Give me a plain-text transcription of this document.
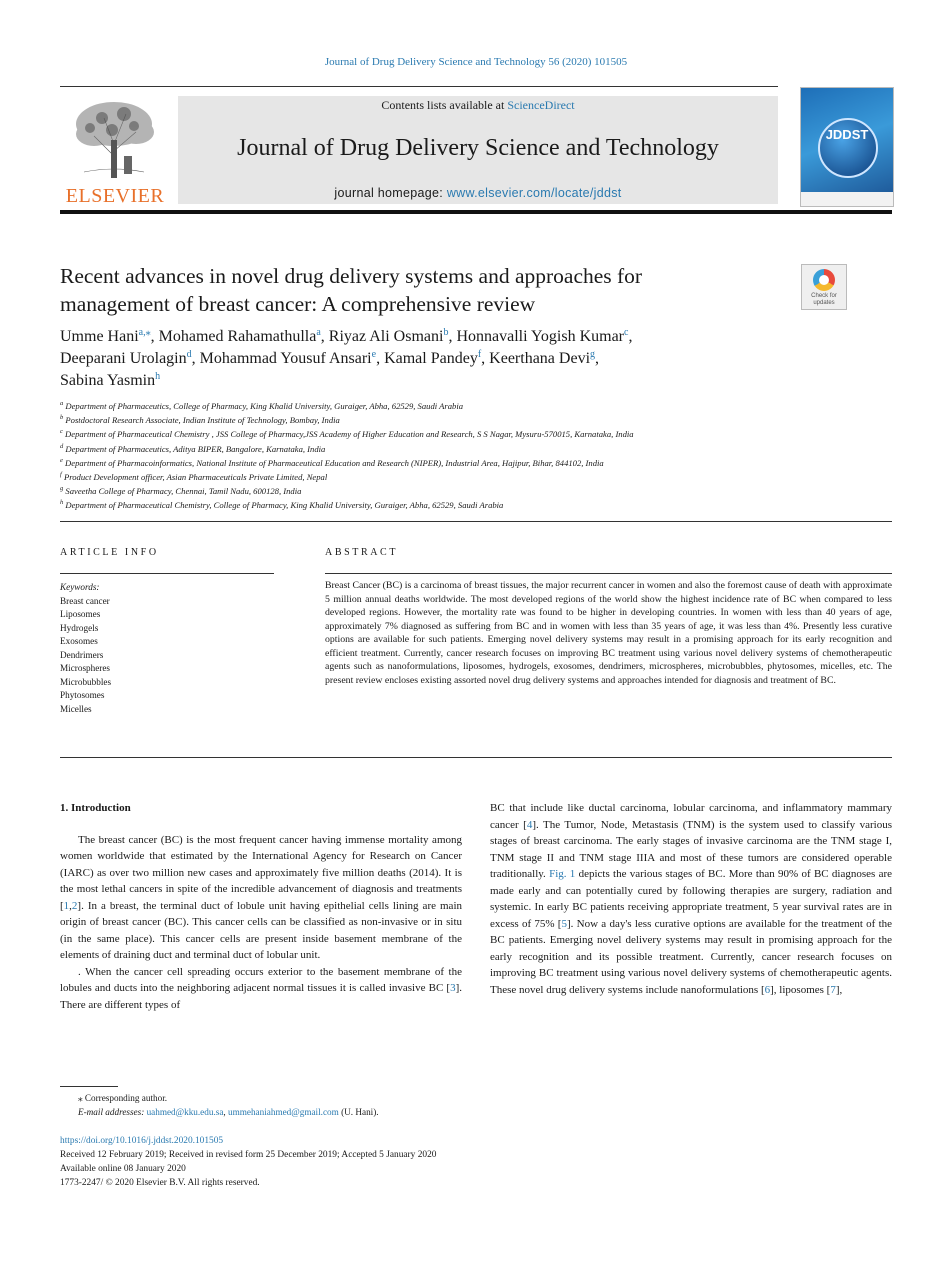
Journal of Drug Delivery Science and Technology 56 (2020) 101505
ELSEVIER
Contents lists available at ScienceDirect
Journal of Drug Delivery Science and Technology
journal homepage: www.elsevier.com/locate/jddst
JDDST
Recent advances in novel drug delivery systems and approaches for
management of breast cancer: A comprehensive review	Check for
updates
Umme Hani$^{a,⁎}$, Mohamed Rahamathulla$^a$, Riyaz Ali Osmani$^b$, Honnavalli Yogish Kumar$^c$,
Deeparani Urolagin$^d$, Mohammad Yousuf Ansari$^e$, Kamal Pandey$^f$, Keerthana Devi$^g$,
Sabina Yasmin$^h$
$^a$ Department of Pharmaceutics, College of Pharmacy, King Khalid University, Guraiger, Abha, 62529, Saudi Arabia
$^b$ Postdoctoral Research Associate, Indian Institute of Technology, Bombay, India
$^c$ Department of Pharmaceutical Chemistry , JSS College of Pharmacy,JSS Academy of Higher Education and Research, S S Nagar, Mysuru-570015, Karnataka, India
$^d$ Department of Pharmaceutics, Aditya BIPER, Bangalore, Karnataka, India
$^e$ Department of Pharmacoinformatics, National Institute of Pharmaceutical Education and Research (NIPER), Industrial Area, Hajipur, Bihar, 844102, India
$^f$ Product Development officer, Asian Pharmaceuticals Private Limited, Nepal
$^g$ Saveetha College of Pharmacy, Chennai, Tamil Nadu, 600128, India
$^h$ Department of Pharmaceutical Chemistry, College of Pharmacy, King Khalid University, Guraiger, Abha, 62529, Saudi Arabia
ARTICLE INFO	ABSTRACT
Keywords:
Breast cancer
Liposomes
Hydrogels
Exosomes
Dendrimers
Microspheres
Microbubbles
Phytosomes
Micelles
Breast Cancer (BC) is a carcinoma of breast tissues, the major recurrent cancer in women and also the foremost cause of death with approximate 5 million annual deaths worldwide. The most developed regions of the world show the highest incidence rate of BC when compared to less developed regions. However, the mortality rate was found to be higher in developing countries. In women with less than 40 years of age, approximately 7% diagnosed as suffering from BC and in women with less than 35 years of age, it was less than 4%. Presently less curative options are available for such patients. Emerging novel delivery systems may result in a promising approach for its early recognition and efficient treatment. Currently, cancer research focuses on improving BC treatment using various novel delivery systems of chemotherapeutic agents such as nanoformulations, liposomes, hydrogels, exosomes, dendrimers, microspheres, microbubbles, phytosomes, micelles, etc. The present review encloses existing assorted novel drug delivery systems and approaches intended for diagnosis and treatment of BC.
1. Introduction

The breast cancer (BC) is the most frequent cancer having immense mortality among women worldwide that estimated by the International Agency for Research on Cancer (IARC) as over two million new cases and approximately five million deaths (2014). It is the most lethal cancers in spite of the incredible advancement of diagnosis and treatments [1,2]. In a breast, the terminal duct of lobule unit having epithelial cells lining are main origin of breast cancer (BC). This cancer cells can be classified as non-invasive or in situ (in the same place). This cancer cells are present inside basement membrane of the elements of draining duct and terminal duct of lobular unit.

. When the cancer cell spreading occurs exterior to the basement membrane of the lobules and ducts into the neighboring adjacent normal tissues it is called invasive BC [3]. There are different types of

BC that include like ductal carcinoma, lobular carcinoma, and inflammatory mammary cancer [4]. The Tumor, Node, Metastasis (TNM) is the system used to classify various stages of breast carcinoma. The early stages of invasive carcinoma are the TNM stage I, TNM stage II and TNM stage IIIA and most of these tumors are considered operable traditionally. Fig. 1 depicts the various stages of BC. More than 90% of BC diagnoses are made early and can potentially cured by following therapies are surgery, radiation and systemic. In early BC patients receiving appropriate treatment, 5 year survival rates are in excess of 75% [5]. Now a day's less curative options are available for the treatment of the BC patients. Emerging novel delivery systems may result in promising approach for the early recognition and its possible treatment. Currently, cancer research focuses on improving BC treatment using various novel delivery systems of chemotherapeutic agents. These novel drug delivery systems include nanoformulations [6], liposomes [7],

⁎ Corresponding author.
E-mail addresses: uahmed@kku.edu.sa, ummehaniahmed@gmail.com (U. Hani).
https://doi.org/10.1016/j.jddst.2020.101505
Received 12 February 2019; Received in revised form 25 December 2019; Accepted 5 January 2020
Available online 08 January 2020
1773-2247/ © 2020 Elsevier B.V. All rights reserved.
